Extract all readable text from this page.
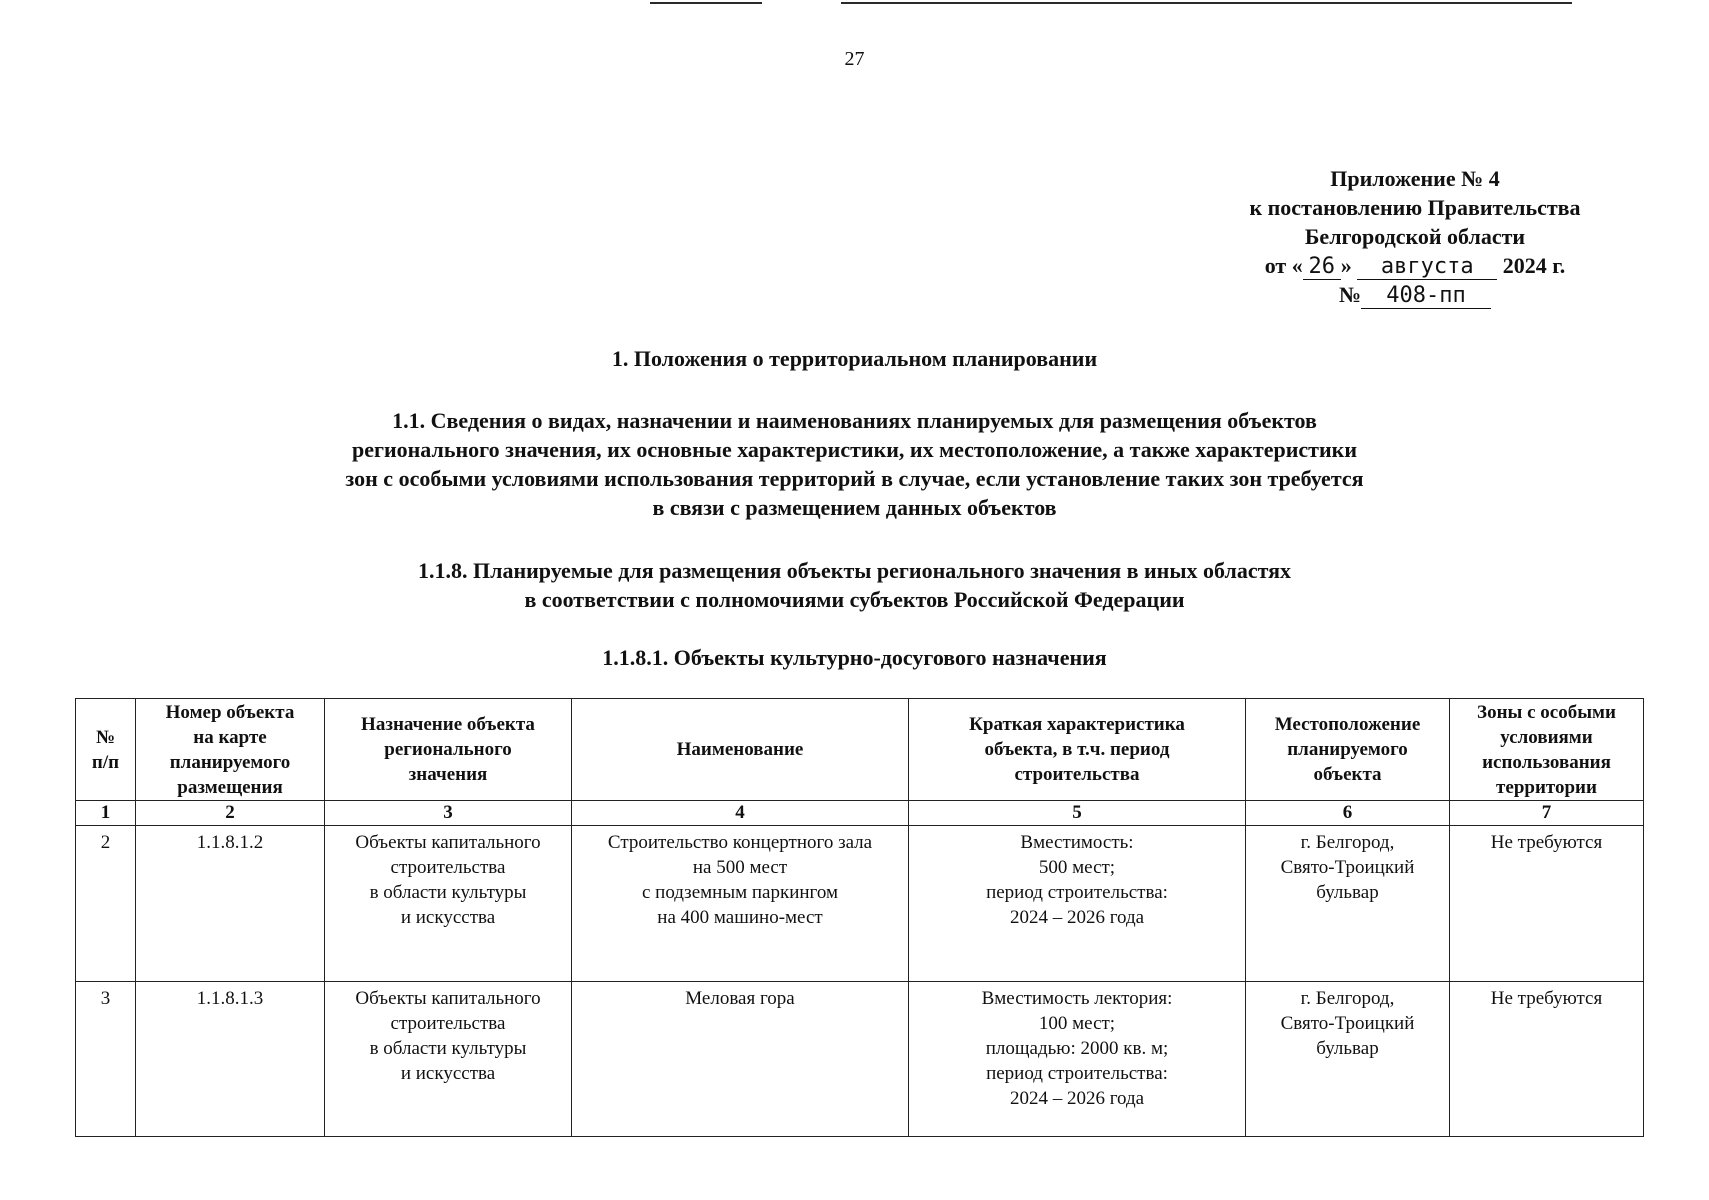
27
Приложение № 4
к постановлению Правительства
Белгородской области
от « 26 » августа 2024 г.
№ 408-пп
1. Положения о территориальном планировании
1.1. Сведения о видах, назначении и наименованиях планируемых для размещения объектов
регионального значения, их основные характеристики, их местоположение, а также характеристики
зон с особыми условиями использования территорий в случае, если установление таких зон требуется
в связи с размещением данных объектов
1.1.8. Планируемые для размещения объекты регионального значения в иных областях
в соответствии с полномочиями субъектов Российской Федерации
1.1.8.1. Объекты культурно-досугового назначения
№
п/п	Номер объекта
на карте
планируемого
размещения	Назначение объекта
регионального
значения	Наименование	Краткая характеристика
объекта, в т.ч. период
строительства	Местоположение
планируемого
объекта	Зоны с особыми
условиями
использования
территории

1	2	3	4	5	6	7

2	1.1.8.1.2	Объекты капитального
строительства
в области культуры
и искусства	Строительство концертного зала
на 500 мест
с подземным паркингом
на 400 машино-мест	Вместимость:
500 мест;
период строительства:
2024 – 2026 года	г. Белгород,
Свято-Троицкий
бульвар	Не требуются

3	1.1.8.1.3	Объекты капитального
строительства
в области культуры
и искусства	Меловая гора	Вместимость лектория:
100 мест;
площадью: 2000 кв. м;
период строительства:
2024 – 2026 года	г. Белгород,
Свято-Троицкий
бульвар	Не требуются
